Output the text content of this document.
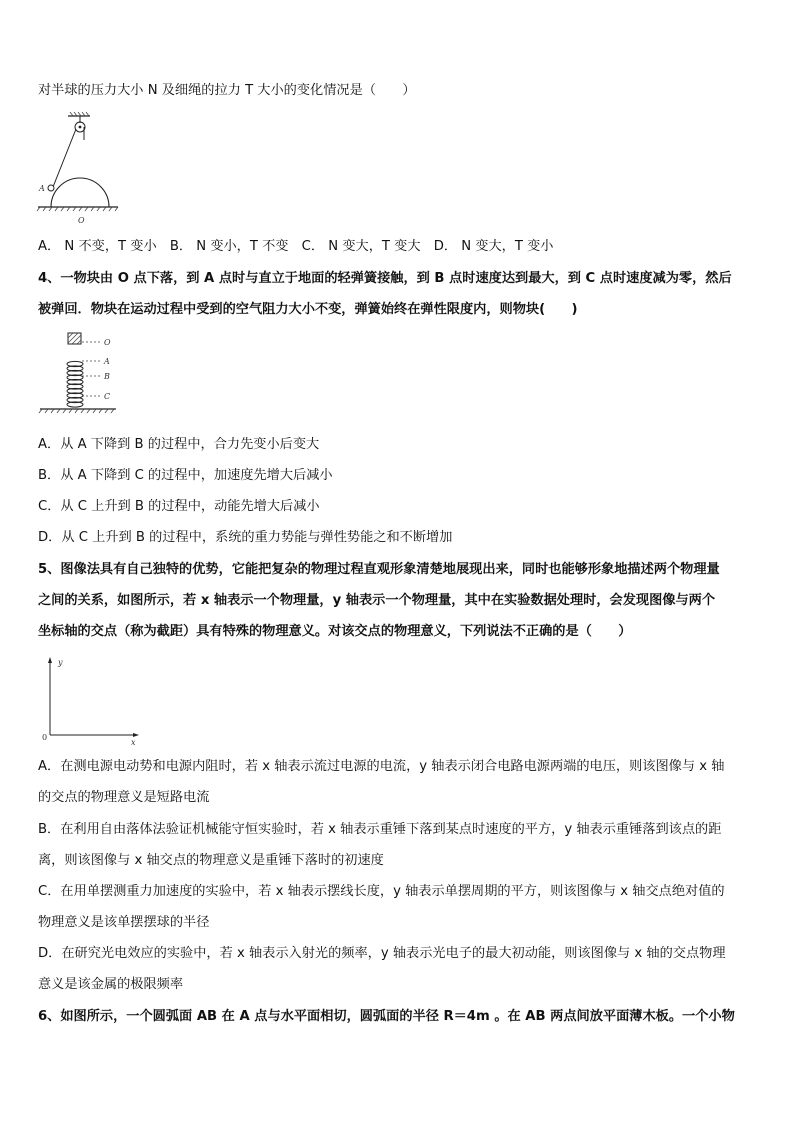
对半球的压力大小 N 及细绳的拉力 T 大小的变化情况是（　　）
A
O
A． N 不变，T 变小　B． N 变小，T 不变　C． N 变大，T 变大　D． N 变大，T 变小
4、一物块由 O 点下落，到 A 点时与直立于地面的轻弹簧接触，到 B 点时速度达到最大，到 C 点时速度减为零，然后
被弹回．物块在运动过程中受到的空气阻力大小不变，弹簧始终在弹性限度内，则物块(　　)
O
A
B
C
A．从 A 下降到 B 的过程中，合力先变小后变大
B．从 A 下降到 C 的过程中，加速度先增大后减小
C．从 C 上升到 B 的过程中，动能先增大后减小
D．从 C 上升到 B 的过程中，系统的重力势能与弹性势能之和不断增加
5、图像法具有自己独特的优势，它能把复杂的物理过程直观形象清楚地展现出来，同时也能够形象地描述两个物理量
之间的关系，如图所示，若 x 轴表示一个物理量，y 轴表示一个物理量，其中在实验数据处理时，会发现图像与两个
坐标轴的交点（称为截距）具有特殊的物理意义。对该交点的物理意义，下列说法不正确的是（　　）
y
x
0
A．在测电源电动势和电源内阻时，若 x 轴表示流过电源的电流，y 轴表示闭合电路电源两端的电压，则该图像与 x 轴
的交点的物理意义是短路电流
B．在利用自由落体法验证机械能守恒实验时，若 x 轴表示重锤下落到某点时速度的平方，y 轴表示重锤落到该点的距
离，则该图像与 x 轴交点的物理意义是重锤下落时的初速度
C．在用单摆测重力加速度的实验中，若 x 轴表示摆线长度，y 轴表示单摆周期的平方，则该图像与 x 轴交点绝对值的
物理意义是该单摆摆球的半径
D．在研究光电效应的实验中，若 x 轴表示入射光的频率，y 轴表示光电子的最大初动能，则该图像与 x 轴的交点物理
意义是该金属的极限频率
6、如图所示，一个圆弧面 AB 在 A 点与水平面相切，圆弧面的半径 R＝4m 。在 AB 两点间放平面薄木板。一个小物
